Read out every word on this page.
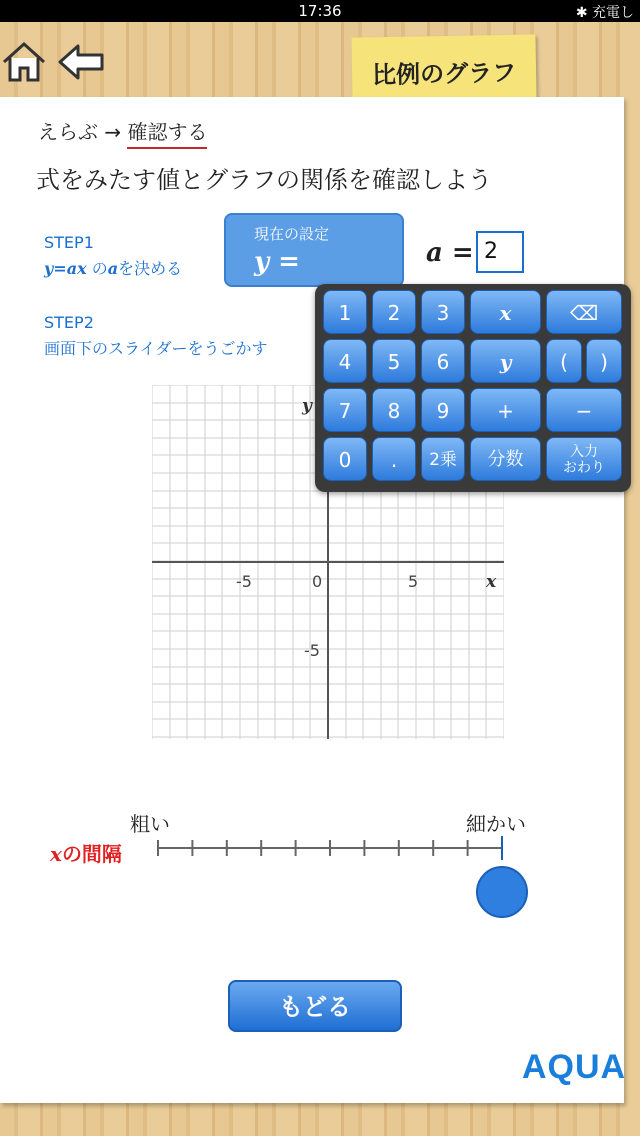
17:36	✱ 充電し
比例のグラフ
えらぶ → 確認する
式をみたす値とグラフの関係を確認しよう
STEP1
y=ax のaを決める
STEP2
画面下のスライダーをうごかす
現在の設定
y =	a = 2
-5	0	5
-5
x
y
1	2	3	x	⌫
4	5	6	y	(	)
7	8	9	+	−
0	.	2乗	分数	入力
おわり
粗い	細かい
xの間隔
もどる
AQUA
